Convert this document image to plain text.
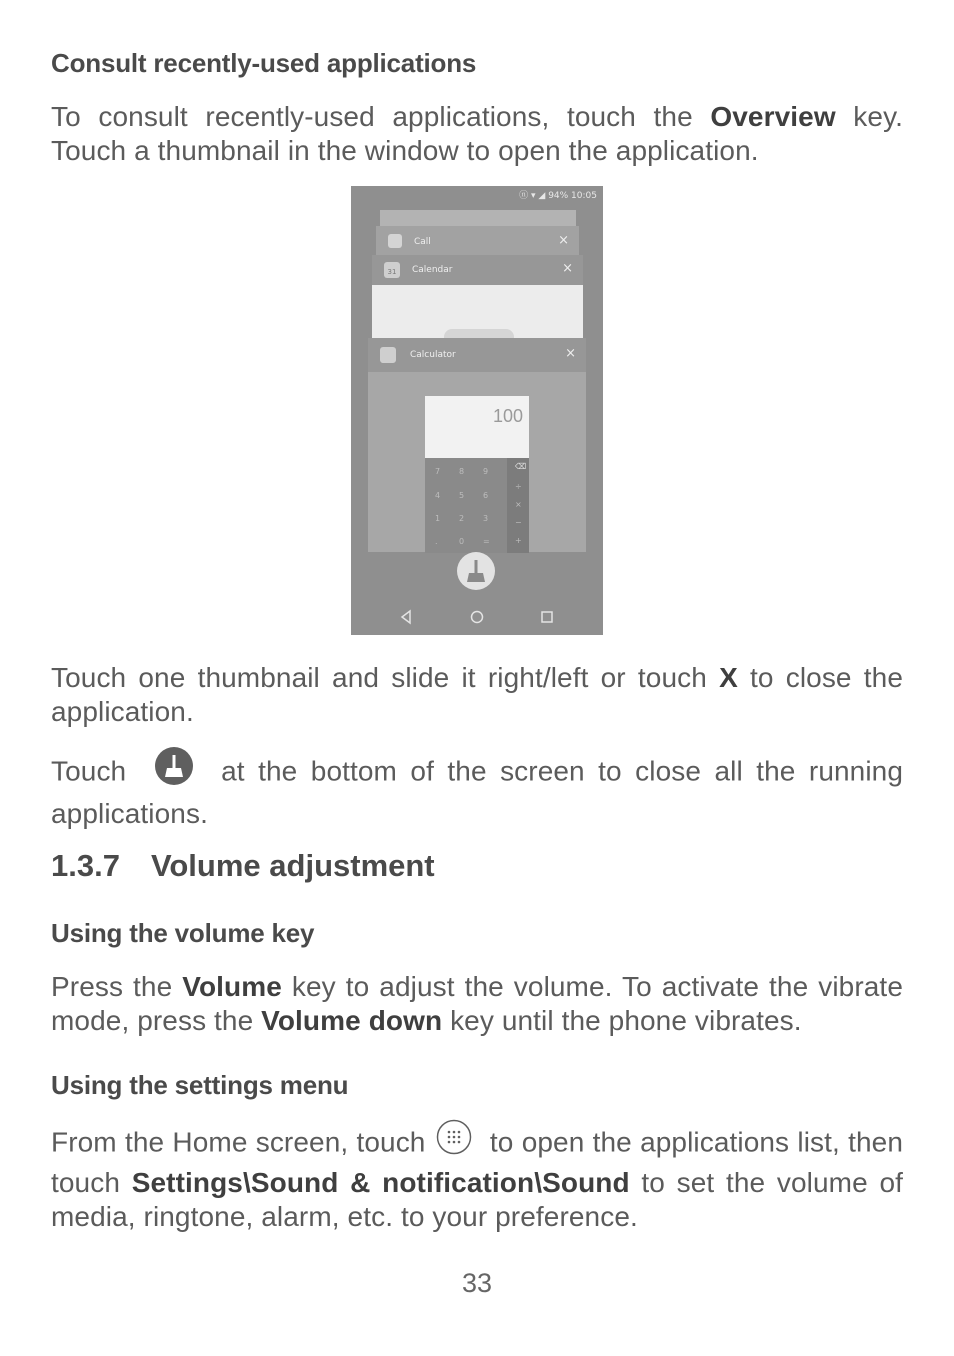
Consult recently-used applications

To consult recently-used applications, touch the Overview key. Touch a thumbnail in the window to open the application.

ⓝ ▾ ◢ 94% 10:05
Call	×
31	Calendar	×
Calculator	×
100
7 8 9
4 5 6
1 2 3
.	0 =
⌫
÷
×
−
+

Touch one thumbnail and slide it right/left or touch X to close the application.

Touch  at the bottom of the screen to close all the running applications.

1.3.7 Volume adjustment
Using the volume key

Press the Volume key to adjust the volume. To activate the vibrate mode, press the Volume down key until the phone vibrates.

Using the settings menu

From the Home screen, touch  to open the applications list, then touch Settings\Sound & notification\Sound to set the volume of media, ringtone, alarm, etc. to your preference.

33
